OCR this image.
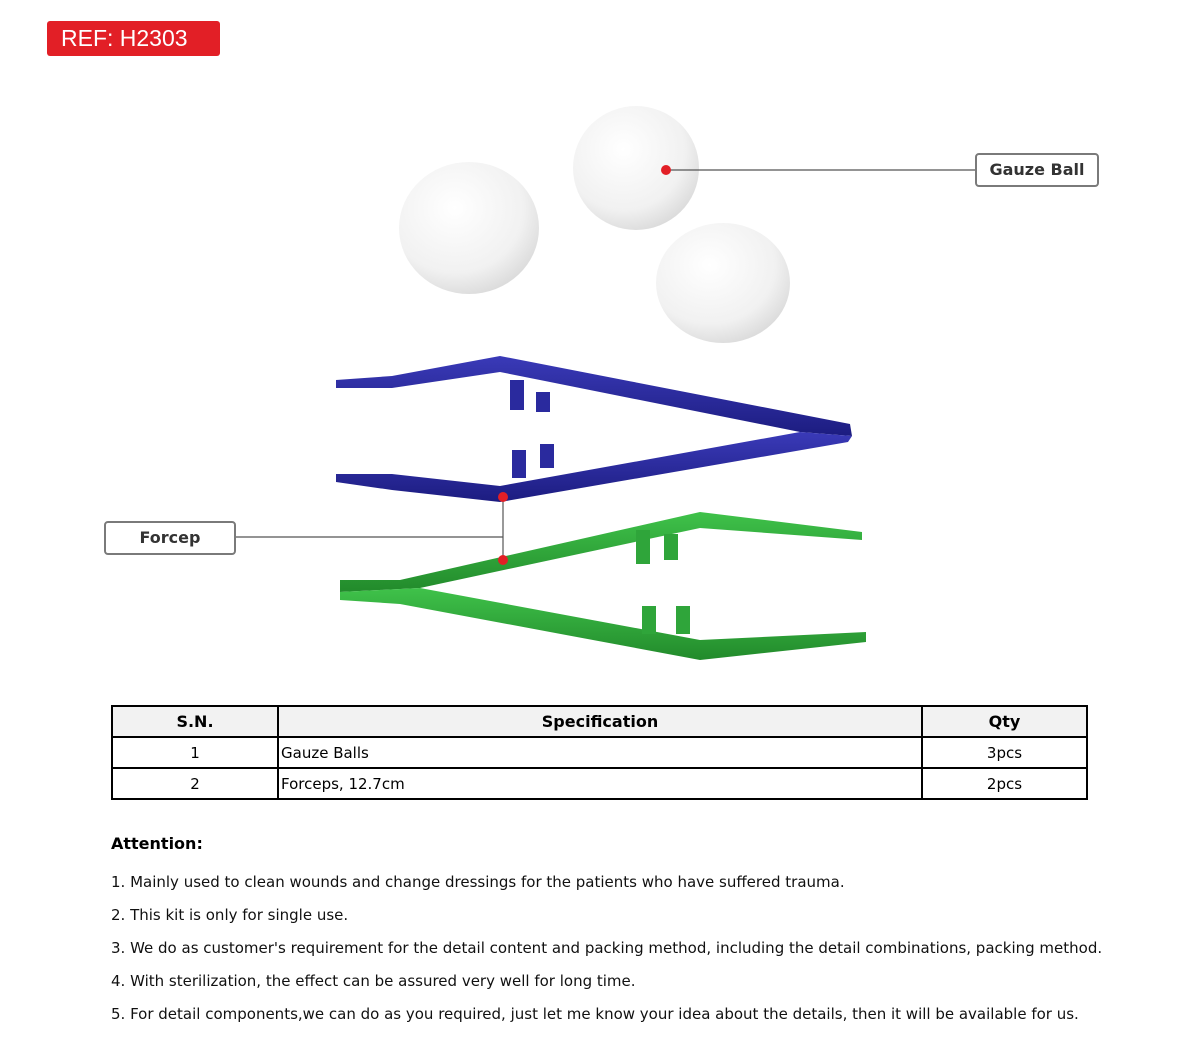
REF: H2303
Gauze Ball
Forcep
S.N.	Specification	Qty
1	Gauze Balls	3pcs
2	Forceps, 12.7cm	2pcs
Attention:
1. Mainly used to clean wounds and change dressings for the patients who have suffered trauma.
2. This kit is only for single use.
3. We do as customer's requirement for the detail content and packing method, including the detail combinations, packing method.
4. With sterilization, the effect can be assured very well for long time.
5. For detail components,we can do as you required, just let me know your idea about the details, then it will be available for us.
